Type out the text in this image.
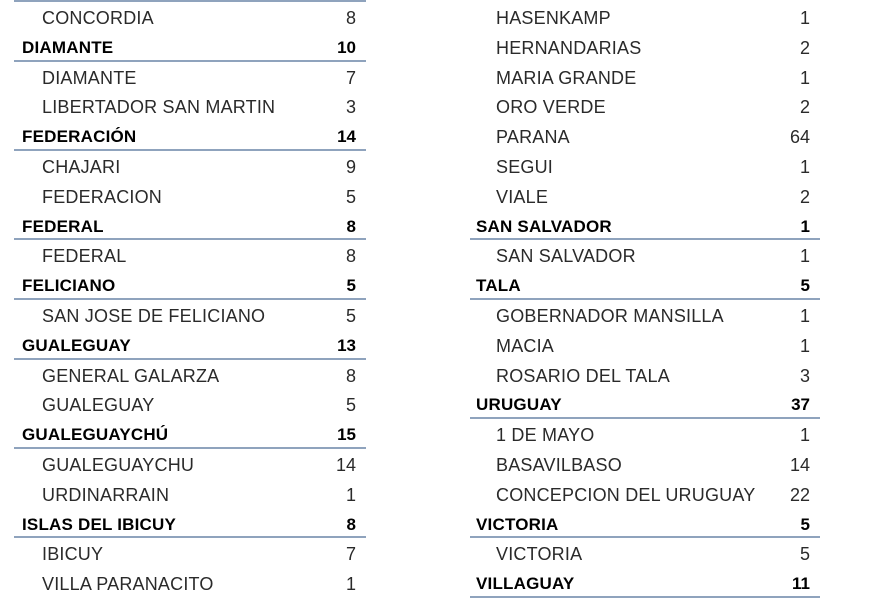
CONCORDIA	8
DIAMANTE	10
DIAMANTE	7
LIBERTADOR SAN MARTIN	3
FEDERACIÓN	14
CHAJARI	9
FEDERACION	5
FEDERAL	8
FEDERAL	8
FELICIANO	5
SAN JOSE DE FELICIANO	5
GUALEGUAY	13
GENERAL GALARZA	8
GUALEGUAY	5
GUALEGUAYCHÚ	15
GUALEGUAYCHU	14
URDINARRAIN	1
ISLAS DEL IBICUY	8
IBICUY	7
VILLA PARANACITO	1
HASENKAMP	1
HERNANDARIAS	2
MARIA GRANDE	1
ORO VERDE	2
PARANA	64
SEGUI	1
VIALE	2
SAN SALVADOR	1
SAN SALVADOR	1
TALA	5
GOBERNADOR MANSILLA	1
MACIA	1
ROSARIO DEL TALA	3
URUGUAY	37
1 DE MAYO	1
BASAVILBASO	14
CONCEPCION DEL URUGUAY 22
VICTORIA	5
VICTORIA	5
VILLAGUAY	11
